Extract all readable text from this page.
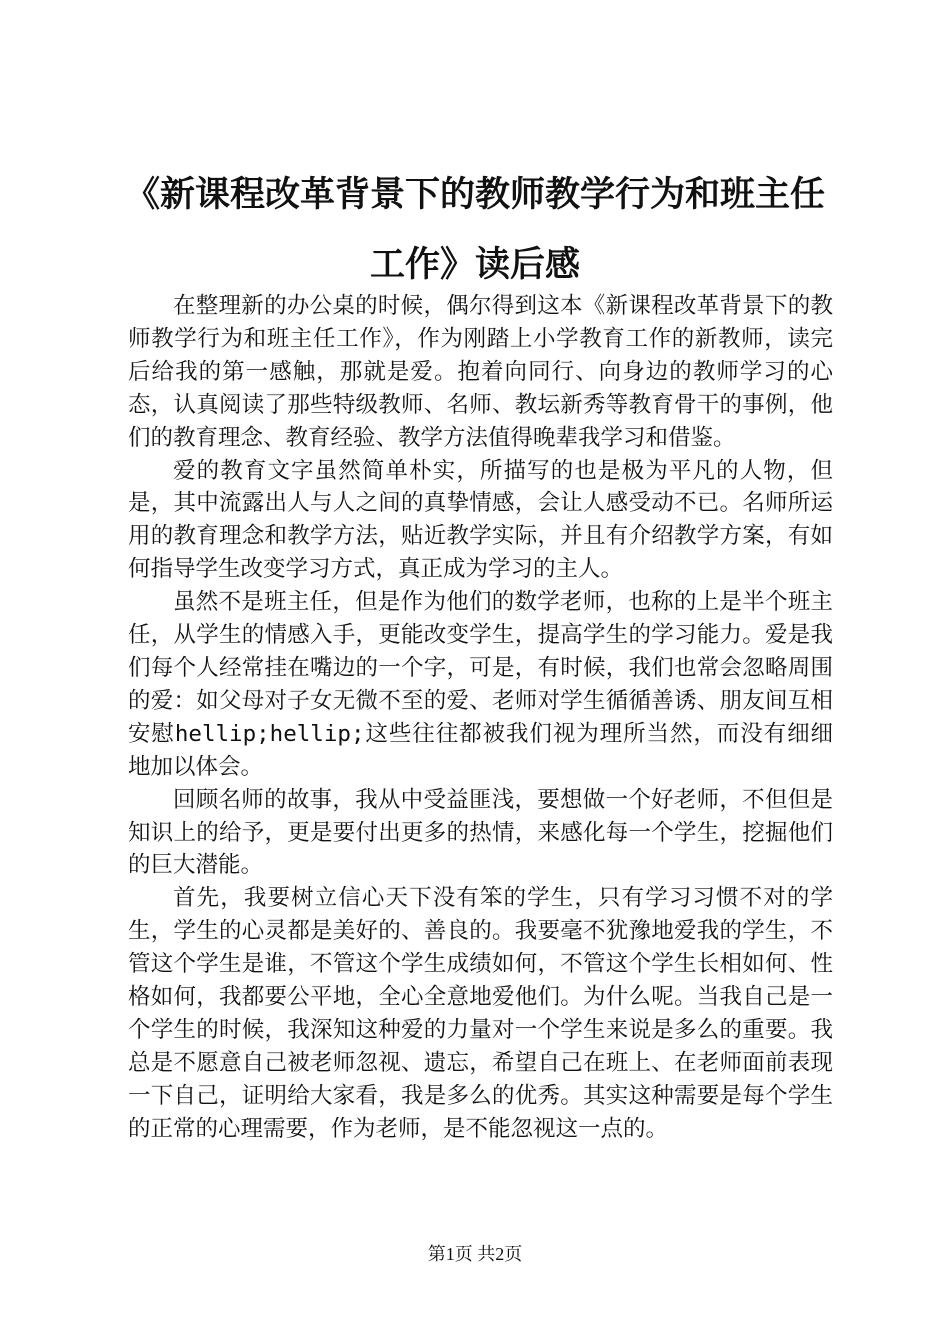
《新课程改革背景下的教师教学行为和班主任工作》读后感

在整理新的办公桌的时候，偶尔得到这本《新课程改革背景下的教师教学行为和班主任工作》，作为刚踏上小学教育工作的新教师，读完后给我的第一感触，那就是爱。抱着向同行、向身边的教师学习的心态，认真阅读了那些特级教师、名师、教坛新秀等教育骨干的事例，他们的教育理念、教育经验、教学方法值得晚辈我学习和借鉴。

爱的教育文字虽然简单朴实，所描写的也是极为平凡的人物，但是，其中流露出人与人之间的真挚情感，会让人感受动不已。名师所运用的教育理念和教学方法，贴近教学实际，并且有介绍教学方案，有如何指导学生改变学习方式，真正成为学习的主人。

虽然不是班主任，但是作为他们的数学老师，也称的上是半个班主任，从学生的情感入手，更能改变学生，提高学生的学习能力。爱是我们每个人经常挂在嘴边的一个字，可是，有时候，我们也常会忽略周围的爱：如父母对子女无微不至的爱、老师对学生循循善诱、朋友间互相安慰hellip;hellip;这些往往都被我们视为理所当然，而没有细细地加以体会。

回顾名师的故事，我从中受益匪浅，要想做一个好老师，不但但是知识上的给予，更是要付出更多的热情，来感化每一个学生，挖掘他们的巨大潜能。

首先，我要树立信心天下没有笨的学生，只有学习习惯不对的学生，学生的心灵都是美好的、善良的。我要毫不犹豫地爱我的学生，不管这个学生是谁，不管这个学生成绩如何，不管这个学生长相如何、性格如何，我都要公平地，全心全意地爱他们。为什么呢。当我自己是一个学生的时候，我深知这种爱的力量对一个学生来说是多么的重要。我总是不愿意自己被老师忽视、遗忘，希望自己在班上、在老师面前表现一下自己，证明给大家看，我是多么的优秀。其实这种需要是每个学生的正常的心理需要，作为老师，是不能忽视这一点的。

第1页 共2页
